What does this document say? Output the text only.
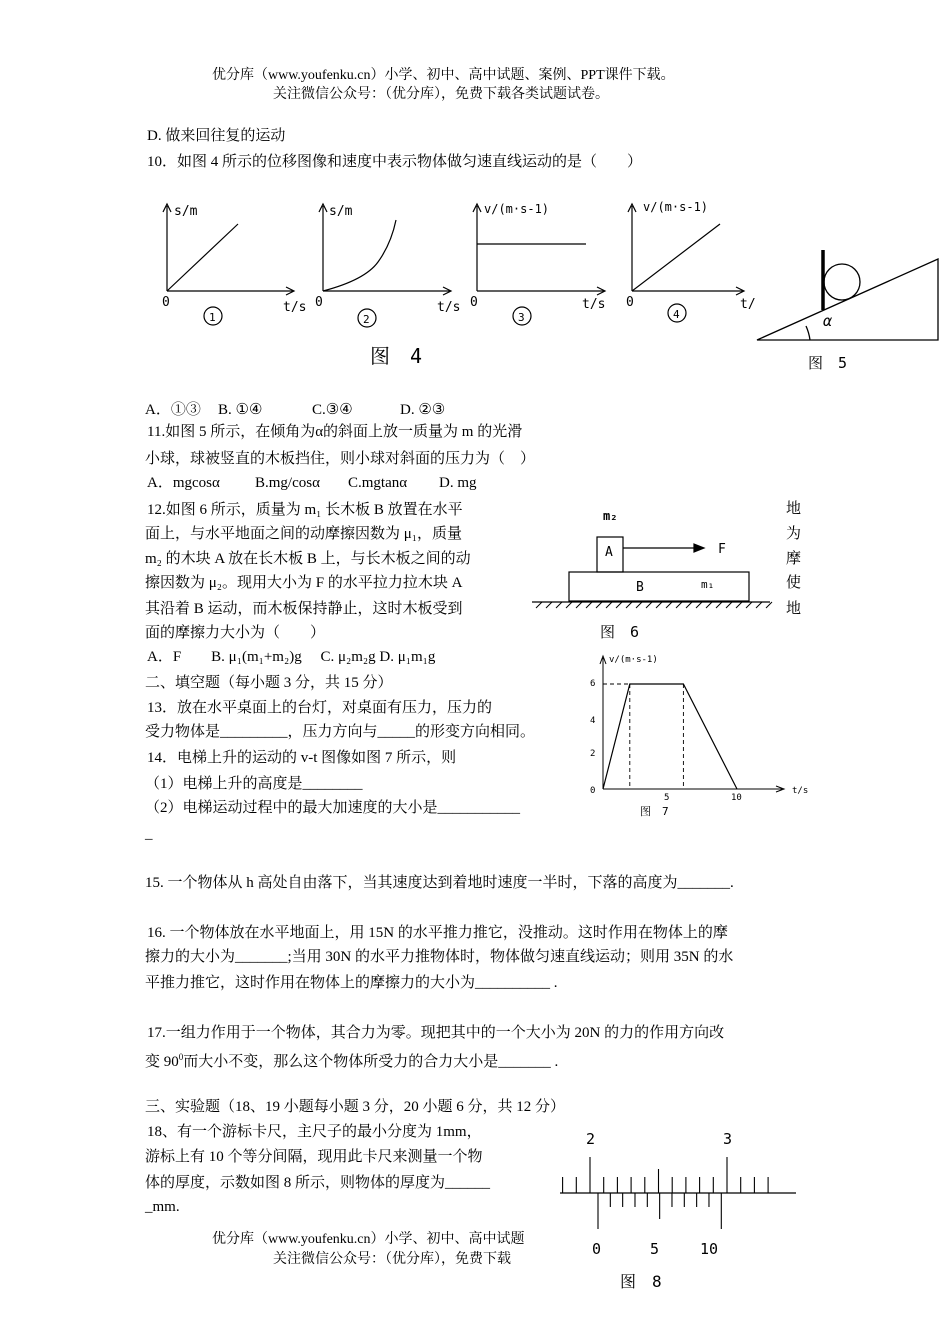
优分库（www.youfenku.cn）小学、初中、高中试题、案例、PPT课件下载。
关注微信公众号：（优分库），免费下载各类试题试卷。
D. 做来回往复的运动
10．如图 4 所示的位移图像和速度中表示物体做匀速直线运动的是（　　）
s/m
0	t/s
1
s/m
0	t/s
2
v/(m·s-1)
0	t/s
3
v/(m·s-1)
0	t/
4
图　4
α
图　5
A．①③ B. ①④	C.③④	D. ②③
11.如图 5 所示，在倾角为α的斜面上放一质量为 m 的光滑
小球，球被竖直的木板挡住，则小球对斜面的压力为（　）
A．mgcosα B.mg/cosα C.mgtanα D. mg
12.如图 6 所示，质量为 m₁ 长木板 B 放置在水平
面上，与水平地面之间的动摩擦因数为 μ₁，质量
m₂ 的木块 A 放在长木板 B 上，与长木板之间的动
擦因数为 μ₂。现用大小为 F 的水平拉力拉木块 A
其沿着 B 运动，而木板保持静止，这时木板受到
面的摩擦力大小为（　　）
地
为
摩
使
地
A．F　　B. μ₁(m₁+m₂)g　 C. μ₂m₂g D. μ₁m₁g
m₂
A	F
B	m₁
图　6
二、填空题（每小题 3 分，共 15 分）
13．放在水平桌面上的台灯，对桌面有压力，压力的
受力物体是_________，压力方向与_____的形变方向相同。
14．电梯上升的运动的 v-t 图像如图 7 所示，则
（1）电梯上升的高度是________
（2）电梯运动过程中的最大加速度的大小是___________
_
v/(m·s-1)
t/s
6
4
2
0
5	10
图　7
15. 一个物体从 h 高处自由落下，当其速度达到着地时速度一半时，下落的高度为_______.
16. 一个物体放在水平地面上，用 15N 的水平推力推它，没推动。这时作用在物体上的摩
擦力的大小为_______;当用 30N 的水平力推物体时，物体做匀速直线运动；则用 35N 的水
平推力推它，这时作用在物体上的摩擦力的大小为__________ .
17.一组力作用于一个物体，其合力为零。现把其中的一个大小为 20N 的力的作用方向改
变 $90^0$而大小不变，那么这个物体所受力的合力大小是_______ .
三、实验题（18、19 小题每小题 3 分，20 小题 6 分，共 12 分）
18、有一个游标卡尺，主尺子的最小分度为 1mm，
游标上有 10 个等分间隔，现用此卡尺来测量一个物
体的厚度，示数如图 8 所示，则物体的厚度为______
_mm.
2	3
0	5	10
图　8
优分库（www.youfenku.cn）小学、初中、高中试题
关注微信公众号：（优分库），免费下载
